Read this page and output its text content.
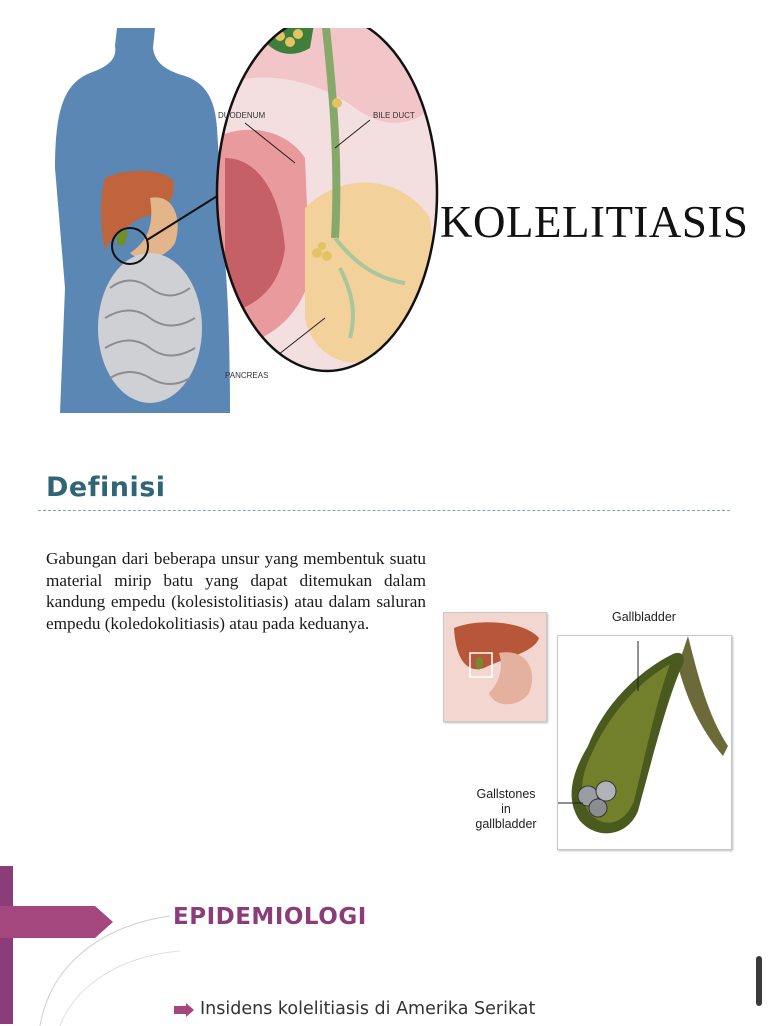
DUODENUM	BILE DUCT
PANCREAS
KOLELITIASIS
Definisi

Gabungan dari beberapa unsur yang membentuk suatu material mirip batu yang dapat ditemukan dalam kandung empedu (kolesistolitiasis) atau dalam saluran empedu (koledokolitiasis) atau pada keduanya.	Gallbladder
Gallstones in gallbladder
EPIDEMIOLOGI
Insidens kolelitiasis di Amerika Serikat
